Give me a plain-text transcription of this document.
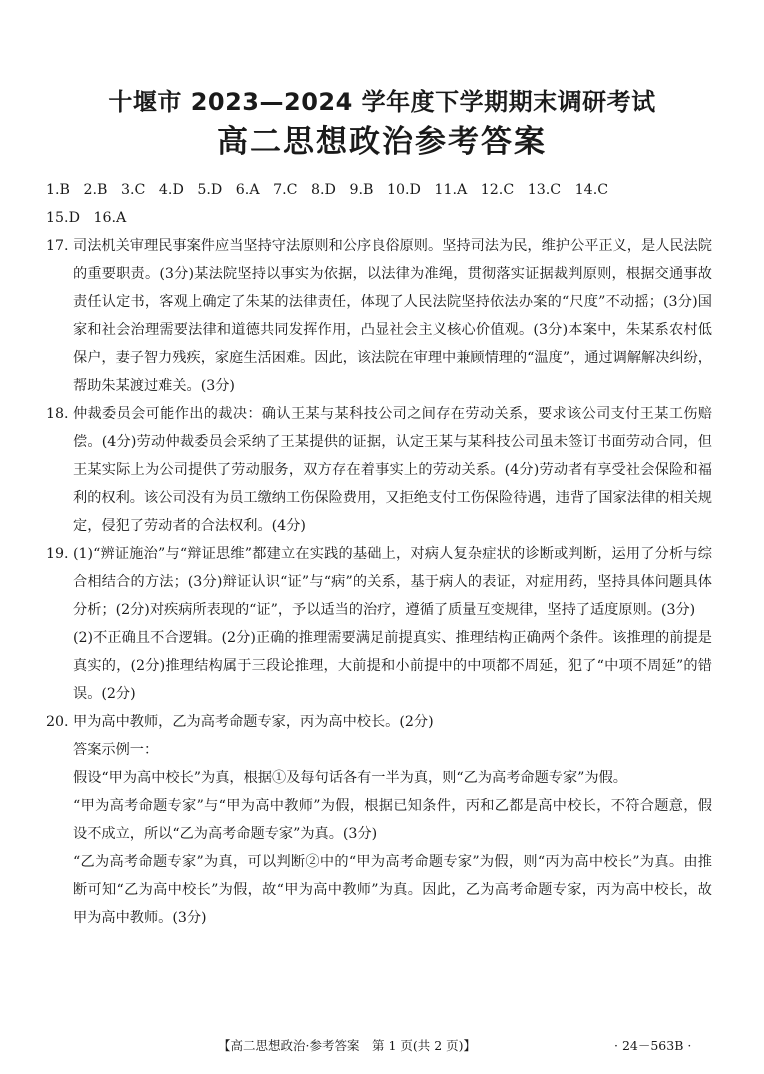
十堰市 2023—2024 学年度下学期期末调研考试
高二思想政治参考答案
1.B   2.B   3.C   4.D   5.D   6.A   7.C   8.D   9.B   10.D   11.A   12.C   13.C   14.C
15.D   16.A
17. 司法机关审理民事案件应当坚持守法原则和公序良俗原则。坚持司法为民，维护公平正义，是人民法院的重要职责。(3分)某法院坚持以事实为依据，以法律为准绳，贯彻落实证据裁判原则，根据交通事故责任认定书，客观上确定了朱某的法律责任，体现了人民法院坚持依法办案的“尺度”不动摇；(3分)国家和社会治理需要法律和道德共同发挥作用，凸显社会主义核心价值观。(3分)本案中，朱某系农村低保户，妻子智力残疾，家庭生活困难。因此，该法院在审理中兼顾情理的“温度”，通过调解解决纠纷，帮助朱某渡过难关。(3分)

18. 仲裁委员会可能作出的裁决：确认王某与某科技公司之间存在劳动关系，要求该公司支付王某工伤赔偿。(4分)劳动仲裁委员会采纳了王某提供的证据，认定王某与某科技公司虽未签订书面劳动合同，但王某实际上为公司提供了劳动服务，双方存在着事实上的劳动关系。(4分)劳动者有享受社会保险和福利的权利。该公司没有为员工缴纳工伤保险费用，又拒绝支付工伤保险待遇，违背了国家法律的相关规定，侵犯了劳动者的合法权利。(4分)

19. (1)“辨证施治”与“辩证思维”都建立在实践的基础上，对病人复杂症状的诊断或判断，运用了分析与综合相结合的方法；(3分)辩证认识“证”与“病”的关系，基于病人的表证，对症用药，坚持具体问题具体分析；(2分)对疾病所表现的“证”，予以适当的治疗，遵循了质量互变规律，坚持了适度原则。(3分)

(2)不正确且不合逻辑。(2分)正确的推理需要满足前提真实、推理结构正确两个条件。该推理的前提是真实的，(2分)推理结构属于三段论推理，大前提和小前提中的中项都不周延，犯了“中项不周延”的错误。(2分)

20. 甲为高中教师，乙为高考命题专家，丙为高中校长。(2分)

答案示例一：

假设“甲为高中校长”为真，根据①及每句话各有一半为真，则“乙为高考命题专家”为假。

“甲为高考命题专家”与“甲为高中教师”为假，根据已知条件，丙和乙都是高中校长，不符合题意，假设不成立，所以“乙为高考命题专家”为真。(3分)

“乙为高考命题专家”为真，可以判断②中的“甲为高考命题专家”为假，则“丙为高中校长”为真。由推断可知“乙为高中校长”为假，故“甲为高中教师”为真。因此，乙为高考命题专家，丙为高中校长，故甲为高中教师。(3分)

【高二思想政治·参考答案　第 1 页(共 2 页)】	· 24－563B ·
